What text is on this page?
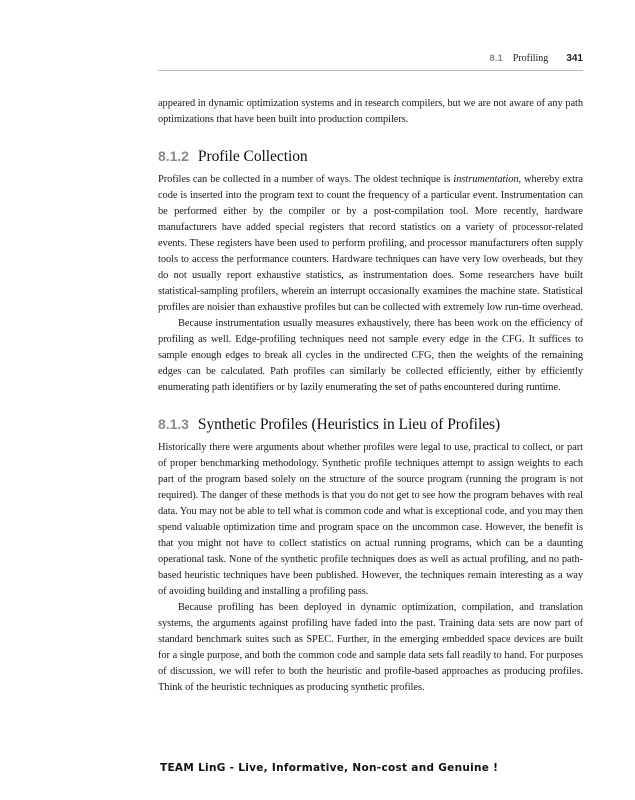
8.1 Profiling 341

appeared in dynamic optimization systems and in research compilers, but we are not aware of any path optimizations that have been built into production compilers.

8.1.2 Profile Collection

Profiles can be collected in a number of ways. The oldest technique is instrumentation, whereby extra code is inserted into the program text to count the frequency of a particular event. Instrumentation can be performed either by the compiler or by a post-compilation tool. More recently, hardware manufacturers have added special registers that record statistics on a variety of processor-related events. These registers have been used to perform profiling, and processor manufacturers often supply tools to access the performance counters. Hardware techniques can have very low overheads, but they do not usually report exhaustive statistics, as instrumentation does. Some researchers have built statistical-sampling profilers, wherein an interrupt occasionally examines the machine state. Statistical profiles are noisier than exhaustive profiles but can be collected with extremely low run-time overhead.

Because instrumentation usually measures exhaustively, there has been work on the efficiency of profiling as well. Edge-profiling techniques need not sample every edge in the CFG. It suffices to sample enough edges to break all cycles in the undirected CFG, then the weights of the remaining edges can be calculated. Path profiles can similarly be collected efficiently, either by efficiently enumerating path identifiers or by lazily enumerating the set of paths encountered during runtime.

8.1.3 Synthetic Profiles (Heuristics in Lieu of Profiles)

Historically there were arguments about whether profiles were legal to use, practical to collect, or part of proper benchmarking methodology. Synthetic profile techniques attempt to assign weights to each part of the program based solely on the structure of the source program (running the program is not required). The danger of these methods is that you do not get to see how the program behaves with real data. You may not be able to tell what is common code and what is exceptional code, and you may then spend valuable optimization time and program space on the uncommon case. However, the benefit is that you might not have to collect statistics on actual running programs, which can be a daunting operational task. None of the synthetic profile techniques does as well as actual profiling, and no path-based heuristic techniques have been published. However, the techniques remain interesting as a way of avoiding building and installing a profiling pass.

Because profiling has been deployed in dynamic optimization, compilation, and translation systems, the arguments against profiling have faded into the past. Training data sets are now part of standard benchmark suites such as SPEC. Further, in the emerging embedded space devices are built for a single purpose, and both the common code and sample data sets fall readily to hand. For purposes of discussion, we will refer to both the heuristic and profile-based approaches as producing profiles. Think of the heuristic techniques as producing synthetic profiles.

TEAM LinG - Live, Informative, Non-cost and Genuine !
